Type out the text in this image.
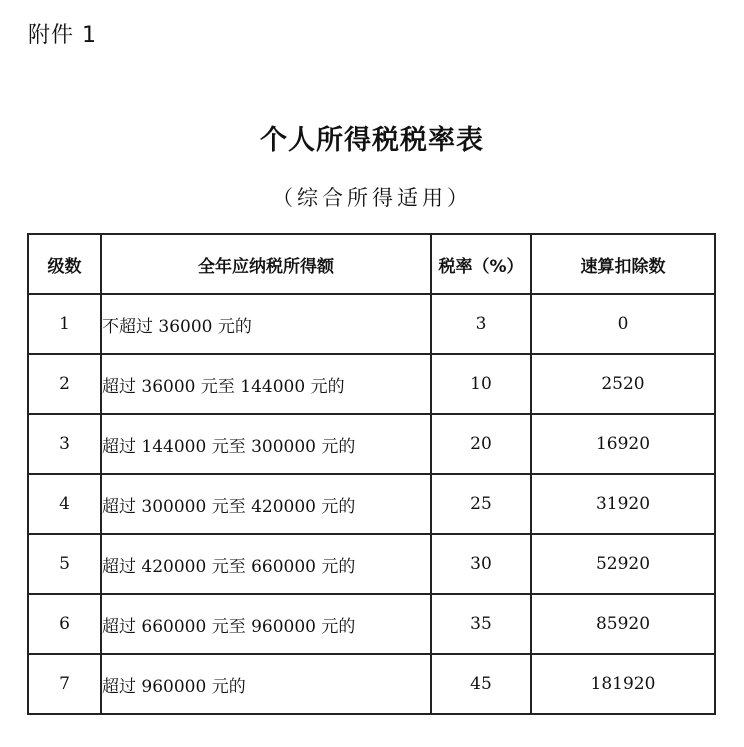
附件 1
个人所得税税率表
（综合所得适用）
级数	全年应纳税所得额	税率（%）	速算扣除数
1	不超过 36000 元的	3	0
2	超过 36000 元至 144000 元的	10	2520
3	超过 144000 元至 300000 元的	20	16920
4	超过 300000 元至 420000 元的	25	31920
5	超过 420000 元至 660000 元的	30	52920
6	超过 660000 元至 960000 元的	35	85920
7	超过 960000 元的	45	181920
